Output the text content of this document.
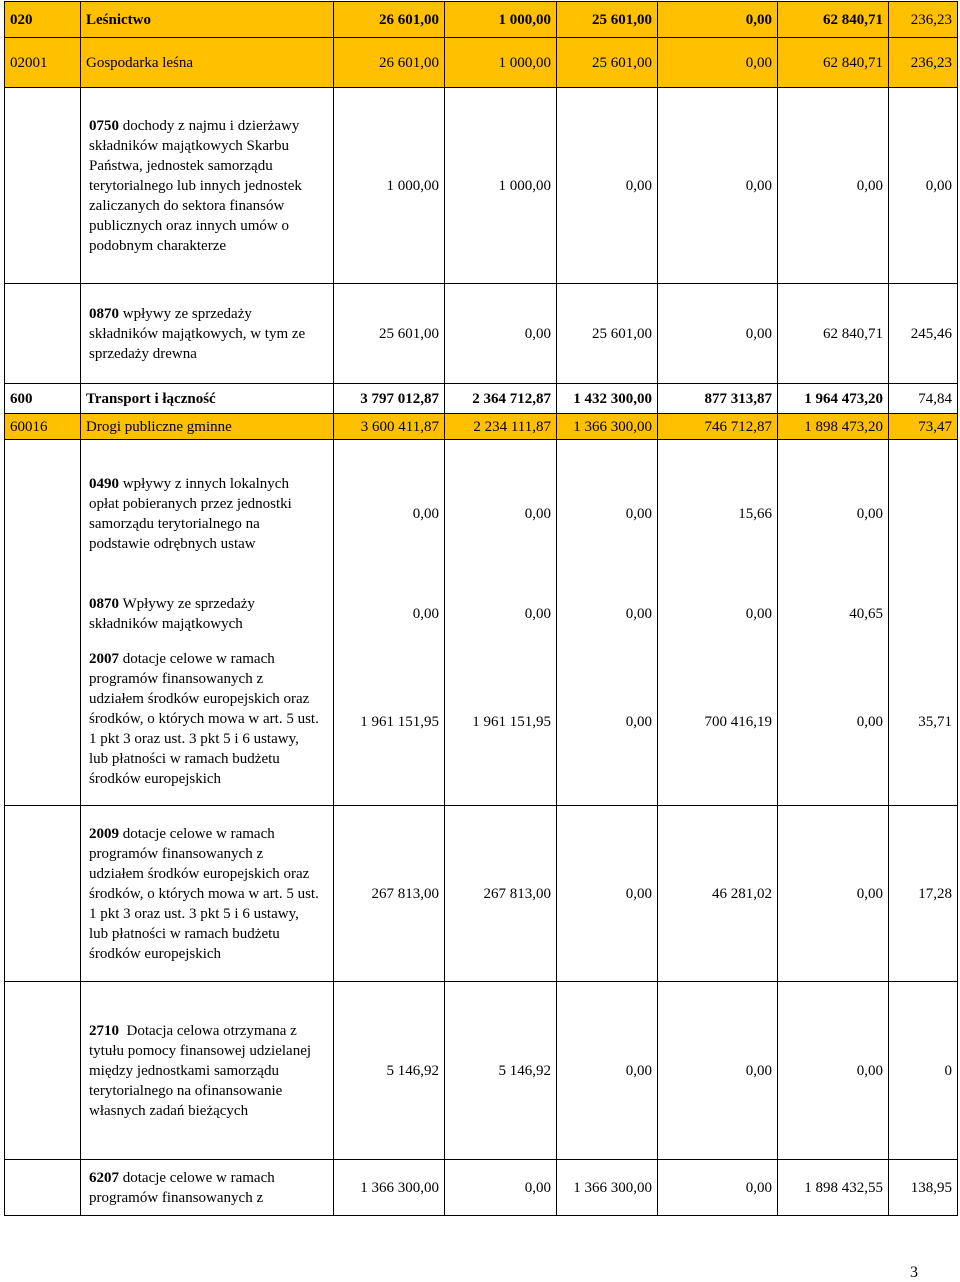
020	Leśnictwo	26 601,00	1 000,00	25 601,00	0,00	62 840,71	236,23
02001	Gospodarka leśna	26 601,00	1 000,00	25 601,00	0,00	62 840,71	236,23
	0750 dochody z najmu i dzierżawy składników majątkowych Skarbu Państwa, jednostek samorządu terytorialnego lub innych jednostek zaliczanych do sektora finansów publicznych oraz innych umów o podobnym charakterze	1 000,00	1 000,00	0,00	0,00	0,00	0,00
	0870 wpływy ze sprzedaży składników majątkowych, w tym ze sprzedaży drewna	25 601,00	0,00	25 601,00	0,00	62 840,71	245,46
600	Transport i łączność	3 797 012,87	2 364 712,87	1 432 300,00	877 313,87	1 964 473,20	74,84
60016	Drogi publiczne gminne	3 600 411,87	2 234 111,87	1 366 300,00	746 712,87	1 898 473,20	73,47
	0490 wpływy z innych lokalnych opłat pobieranych przez jednostki samorządu terytorialnego na podstawie odrębnych ustaw	0,00	0,00	0,00	15,66	0,00	
	0870 Wpływy ze sprzedaży składników majątkowych	0,00	0,00	0,00	0,00	40,65	
	2007 dotacje celowe w ramach programów finansowanych z udziałem środków europejskich oraz środków, o których mowa w art. 5 ust. 1 pkt 3 oraz ust. 3 pkt 5 i 6 ustawy, lub płatności w ramach budżetu środków europejskich	1 961 151,95	1 961 151,95	0,00	700 416,19	0,00	35,71
	2009 dotacje celowe w ramach programów finansowanych z udziałem środków europejskich oraz środków, o których mowa w art. 5 ust. 1 pkt 3 oraz ust. 3 pkt 5 i 6 ustawy, lub płatności w ramach budżetu środków europejskich	267 813,00	267 813,00	0,00	46 281,02	0,00	17,28
	2710 Dotacja celowa otrzymana z tytułu pomocy finansowej udzielanej między jednostkami samorządu terytorialnego na ofinansowanie własnych zadań bieżących	5 146,92	5 146,92	0,00	0,00	0,00	0
	6207 dotacje celowe w ramach programów finansowanych z	1 366 300,00	0,00	1 366 300,00	0,00	1 898 432,55	138,95
3
